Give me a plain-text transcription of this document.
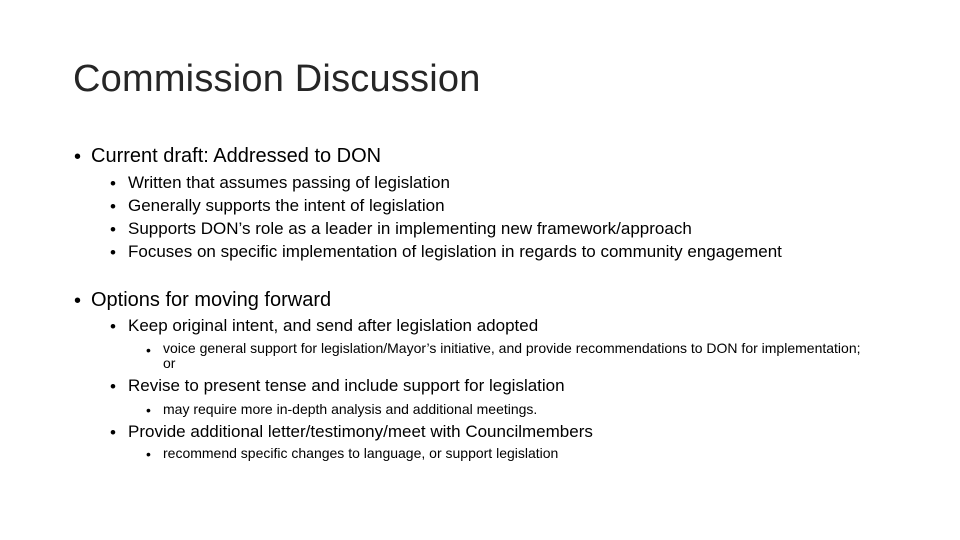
Commission Discussion
• Current draft: Addressed to DON
• Written that assumes passing of legislation
• Generally supports the intent of legislation
• Supports DON’s role as a leader in implementing new framework/approach
• Focuses on specific implementation of legislation in regards to community engagement
• Options for moving forward
• Keep original intent, and send after legislation adopted
• voice general support for legislation/Mayor’s initiative, and provide recommendations to DON for implementation; or
• Revise to present tense and include support for legislation
• may require more in-depth analysis and additional meetings.
• Provide additional letter/testimony/meet with Councilmembers
• recommend specific changes to language, or support legislation
